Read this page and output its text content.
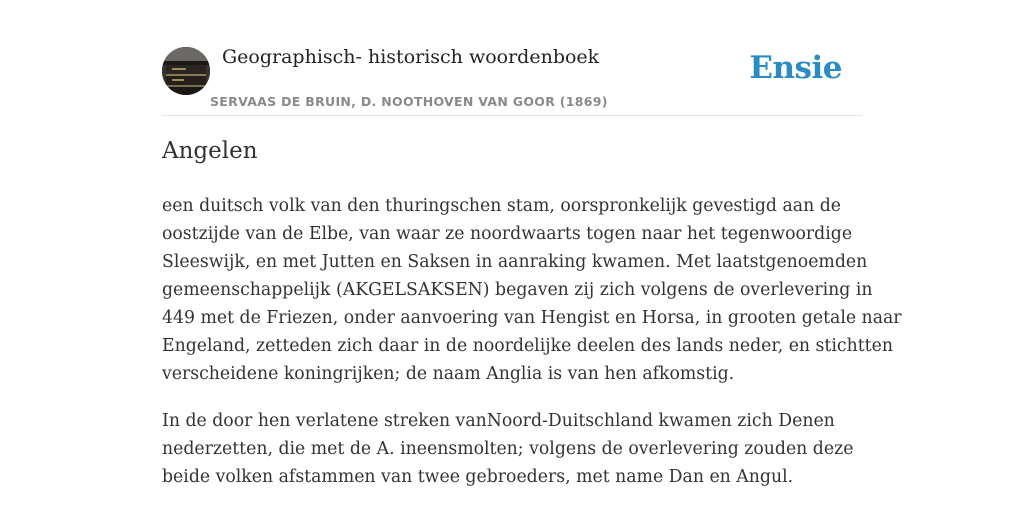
Geographisch- historisch woordenboek
SERVAAS DE BRUIN, D. NOOTHOVEN VAN GOOR (1869)
Ensie
Angelen

een duitsch volk van den thuringschen stam, oorspronkelijk gevestigd aan de
oostzijde van de Elbe, van waar ze noordwaarts togen naar het tegenwoordige
Sleeswijk, en met Jutten en Saksen in aanraking kwamen. Met laatstgenoemden
gemeenschappelijk (AKGELSAKSEN) begaven zij zich volgens de overlevering in
449 met de Friezen, onder aanvoering van Hengist en Horsa, in grooten getale naar
Engeland, zetteden zich daar in de noordelijke deelen des lands neder, en stichtten
verscheidene koningrijken; de naam Anglia is van hen afkomstig.

In de door hen verlatene streken vanNoord-Duitschland kwamen zich Denen
nederzetten, die met de A. ineensmolten; volgens de overlevering zouden deze
beide volken afstammen van twee gebroeders, met name Dan en Angul.
